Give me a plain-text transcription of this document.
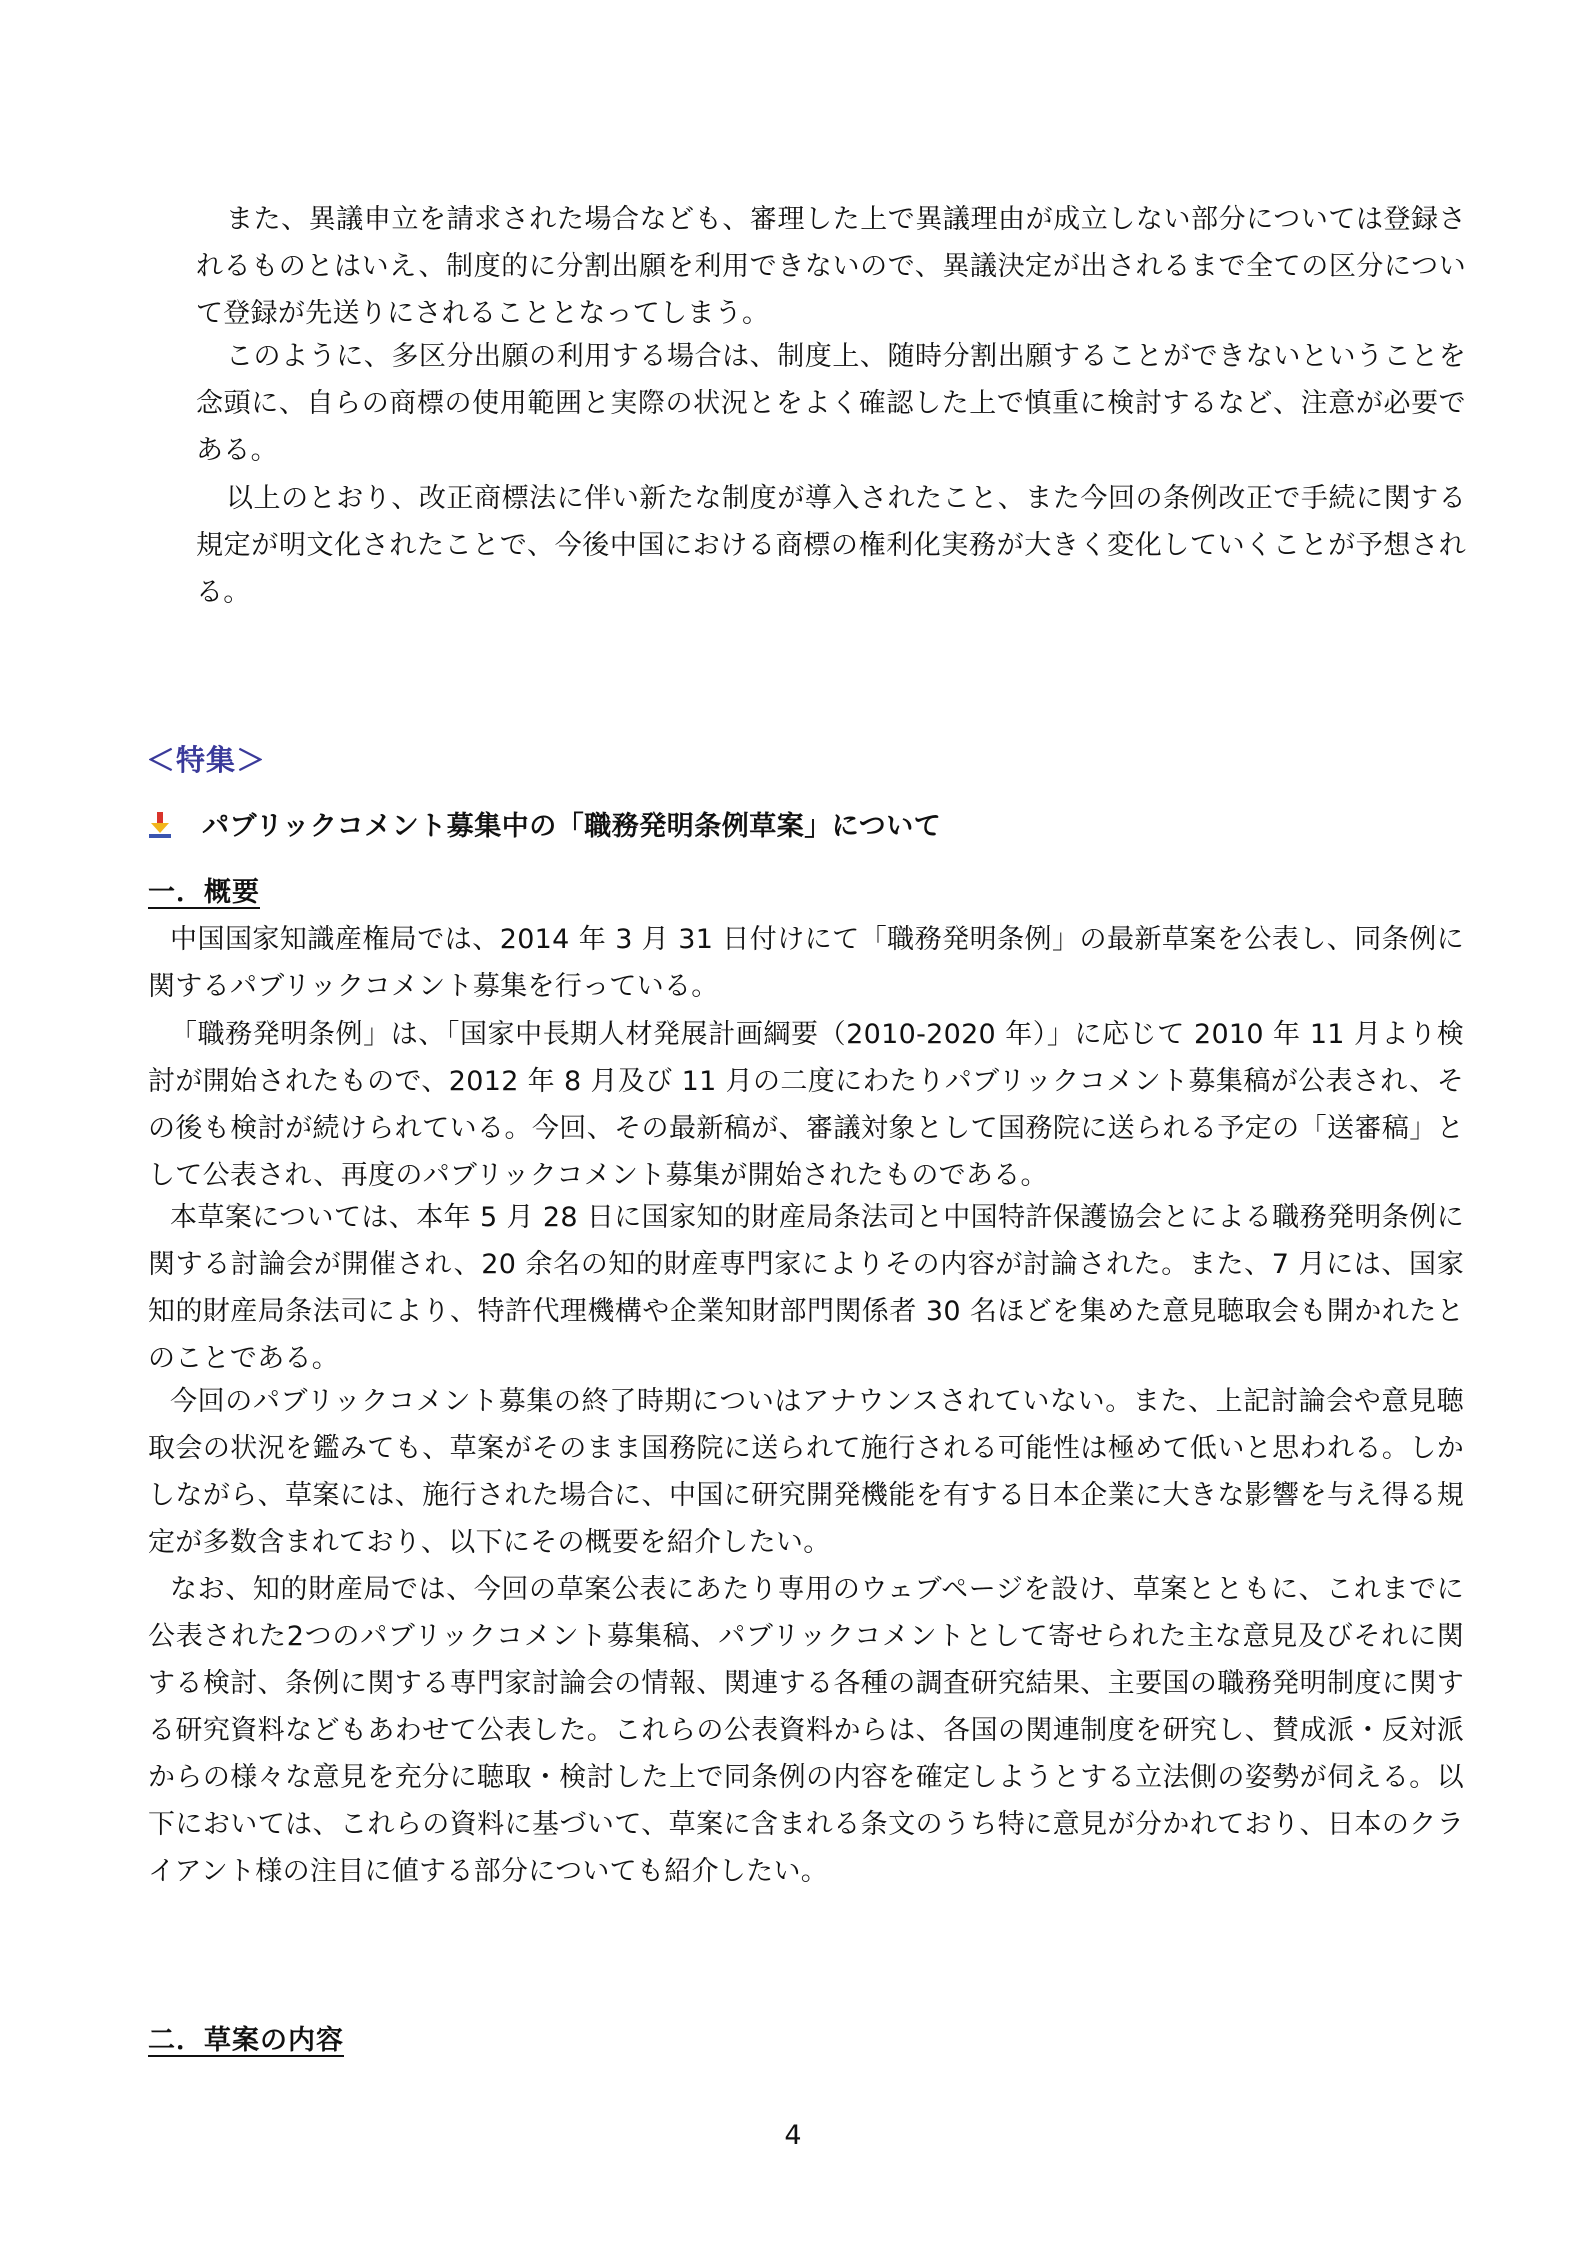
また、異議申立を請求された場合なども、審理した上で異議理由が成立しない部分については登録されるものとはいえ、制度的に分割出願を利用できないので、異議決定が出されるまで全ての区分について登録が先送りにされることとなってしまう。

このように、多区分出願の利用する場合は、制度上、随時分割出願することができないということを念頭に、自らの商標の使用範囲と実際の状況とをよく確認した上で慎重に検討するなど、注意が必要である。

以上のとおり、改正商標法に伴い新たな制度が導入されたこと、また今回の条例改正で手続に関する規定が明文化されたことで、今後中国における商標の権利化実務が大きく変化していくことが予想される。

＜特集＞
パブリックコメント募集中の「職務発明条例草案」について
一．概要

中国国家知識産権局では、2014 年 3 月 31 日付けにて「職務発明条例」の最新草案を公表し、同条例に関するパブリックコメント募集を行っている。

「職務発明条例」は、「国家中長期人材発展計画綱要（2010-2020 年）」に応じて 2010 年 11 月より検討が開始されたもので、2012 年 8 月及び 11 月の二度にわたりパブリックコメント募集稿が公表され、その後も検討が続けられている。今回、その最新稿が、審議対象として国務院に送られる予定の「送審稿」として公表され、再度のパブリックコメント募集が開始されたものである。

本草案については、本年 5 月 28 日に国家知的財産局条法司と中国特許保護協会とによる職務発明条例に関する討論会が開催され、20 余名の知的財産専門家によりその内容が討論された。また、7 月には、国家知的財産局条法司により、特許代理機構や企業知財部門関係者 30 名ほどを集めた意見聴取会も開かれたとのことである。

今回のパブリックコメント募集の終了時期についはアナウンスされていない。また、上記討論会や意見聴取会の状況を鑑みても、草案がそのまま国務院に送られて施行される可能性は極めて低いと思われる。しかしながら、草案には、施行された場合に、中国に研究開発機能を有する日本企業に大きな影響を与え得る規定が多数含まれており、以下にその概要を紹介したい。

なお、知的財産局では、今回の草案公表にあたり専用のウェブページを設け、草案とともに、これまでに公表された2つのパブリックコメント募集稿、パブリックコメントとして寄せられた主な意見及びそれに関する検討、条例に関する専門家討論会の情報、関連する各種の調査研究結果、主要国の職務発明制度に関する研究資料などもあわせて公表した。これらの公表資料からは、各国の関連制度を研究し、賛成派・反対派からの様々な意見を充分に聴取・検討した上で同条例の内容を確定しようとする立法側の姿勢が伺える。以下においては、これらの資料に基づいて、草案に含まれる条文のうち特に意見が分かれており、日本のクライアント様の注目に値する部分についても紹介したい。

二．草案の内容

4
